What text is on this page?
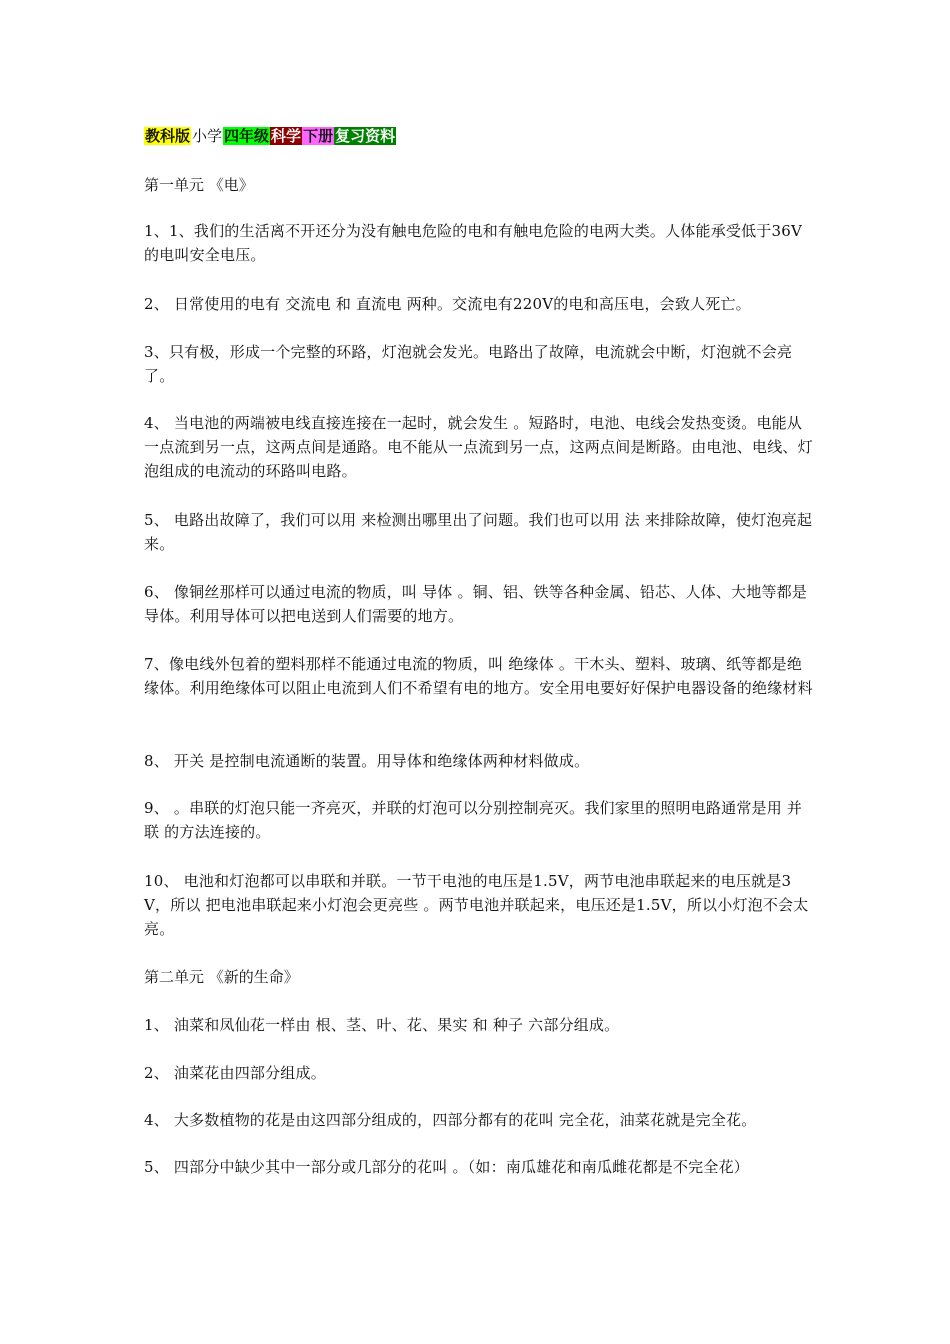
教科版 小学 四年级 科学 下册 复习资料
第一单元 《电》
1、1、我们的生活离不开还分为没有触电危险的电和有触电危险的电两大类。人体能承受低于36V的电叫安全电压。
2、 日常使用的电有 交流电 和 直流电 两种。交流电有220V的电和高压电，会致人死亡。
3、只有极，形成一个完整的环路，灯泡就会发光。电路出了故障，电流就会中断，灯泡就不会亮了。
4、 当电池的两端被电线直接连接在一起时，就会发生 。短路时，电池、电线会发热变烫。电能从一点流到另一点，这两点间是通路。电不能从一点流到另一点，这两点间是断路。由电池、电线、灯泡组成的电流动的环路叫电路。
5、 电路出故障了，我们可以用 来检测出哪里出了问题。我们也可以用 法 来排除故障，使灯泡亮起来。
6、 像铜丝那样可以通过电流的物质，叫 导体 。铜、铝、铁等各种金属、铅芯、人体、大地等都是导体。利用导体可以把电送到人们需要的地方。
7、像电线外包着的塑料那样不能通过电流的物质，叫 绝缘体 。干木头、塑料、玻璃、纸等都是绝缘体。利用绝缘体可以阻止电流到人们不希望有电的地方。安全用电要好好保护电器设备的绝缘材料
8、 开关 是控制电流通断的装置。用导体和绝缘体两种材料做成。
9、 。串联的灯泡只能一齐亮灭，并联的灯泡可以分别控制亮灭。我们家里的照明电路通常是用 并联 的方法连接的。
10、 电池和灯泡都可以串联和并联。一节干电池的电压是1.5V，两节电池串联起来的电压就是3V，所以 把电池串联起来小灯泡会更亮些 。两节电池并联起来，电压还是1.5V，所以小灯泡不会太亮。
第二单元 《新的生命》
1、 油菜和凤仙花一样由 根、茎、叶、花、果实 和 种子 六部分组成。
2、 油菜花由四部分组成。
4、 大多数植物的花是由这四部分组成的，四部分都有的花叫 完全花，油菜花就是完全花。
5、 四部分中缺少其中一部分或几部分的花叫 。（如：南瓜雄花和南瓜雌花都是不完全花）
